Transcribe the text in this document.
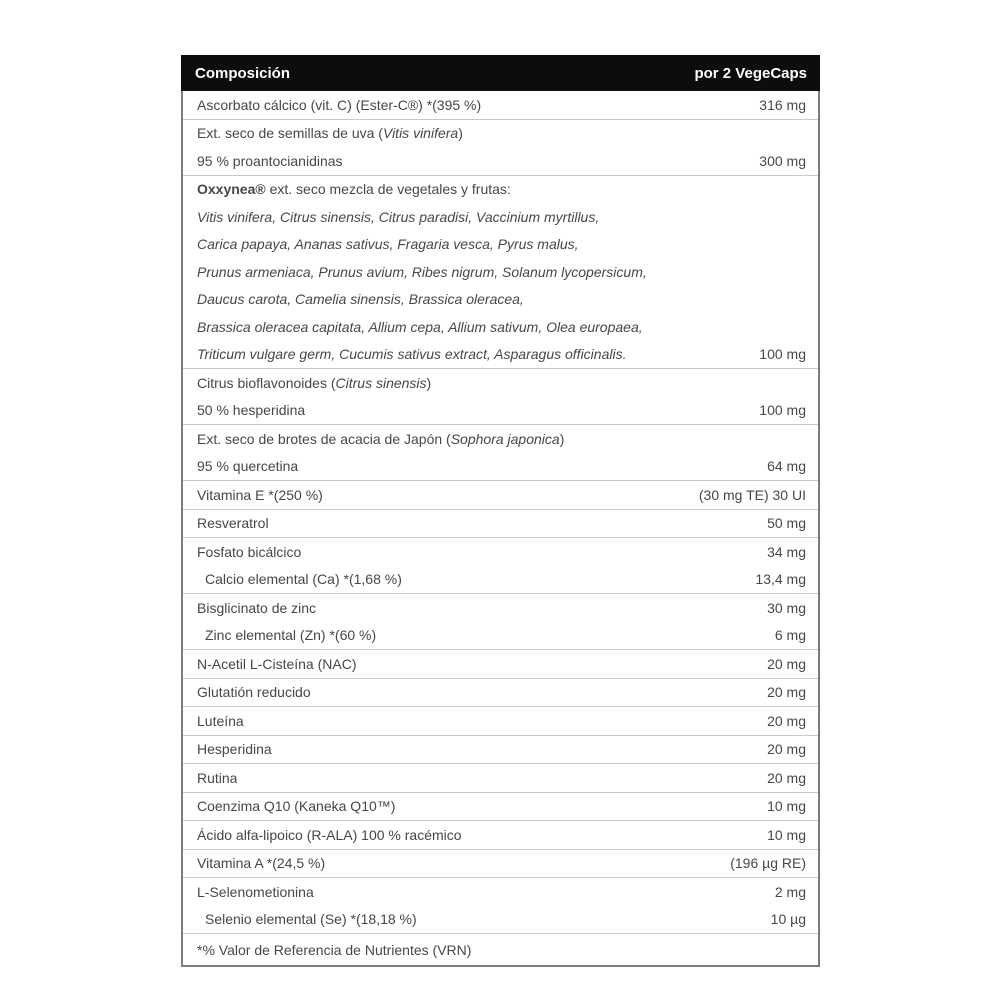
Composición	por 2 VegeCaps
Ascorbato cálcico (vit. C) (Ester-C®) *(395 %)	316 mg
Ext. seco de semillas de uva (Vitis vinifera)
95 % proantocianidinas	300 mg
Oxxynea® ext. seco mezcla de vegetales y frutas:
Vitis vinifera, Citrus sinensis, Citrus paradisi, Vaccinium myrtillus,
Carica papaya, Ananas sativus, Fragaria vesca, Pyrus malus,
Prunus armeniaca, Prunus avium, Ribes nigrum, Solanum lycopersicum,
Daucus carota, Camelia sinensis, Brassica oleracea,
Brassica oleracea capitata, Allium cepa, Allium sativum, Olea europaea,
Triticum vulgare germ, Cucumis sativus extract, Asparagus officinalis.	100 mg
Citrus bioflavonoides (Citrus sinensis)
50 % hesperidina	100 mg
Ext. seco de brotes de acacia de Japón (Sophora japonica)
95 % quercetina	64 mg
Vitamina E *(250 %)	(30 mg TE) 30 UI
Resveratrol	50 mg
Fosfato bicálcico	34 mg
Calcio elemental (Ca) *(1,68 %)	13,4 mg
Bisglicinato de zinc	30 mg
Zinc elemental (Zn) *(60 %)	6 mg
N-Acetil L-Cisteína (NAC)	20 mg
Glutatión reducido	20 mg
Luteína	20 mg
Hesperidina	20 mg
Rutina	20 mg
Coenzima Q10 (Kaneka Q10™)	10 mg
Ácido alfa-lipoico (R-ALA) 100 % racémico	10 mg
Vitamina A *(24,5 %)	(196 µg RE)
L-Selenometionina	2 mg
Selenio elemental (Se) *(18,18 %)	10 µg
*% Valor de Referencia de Nutrientes (VRN)
